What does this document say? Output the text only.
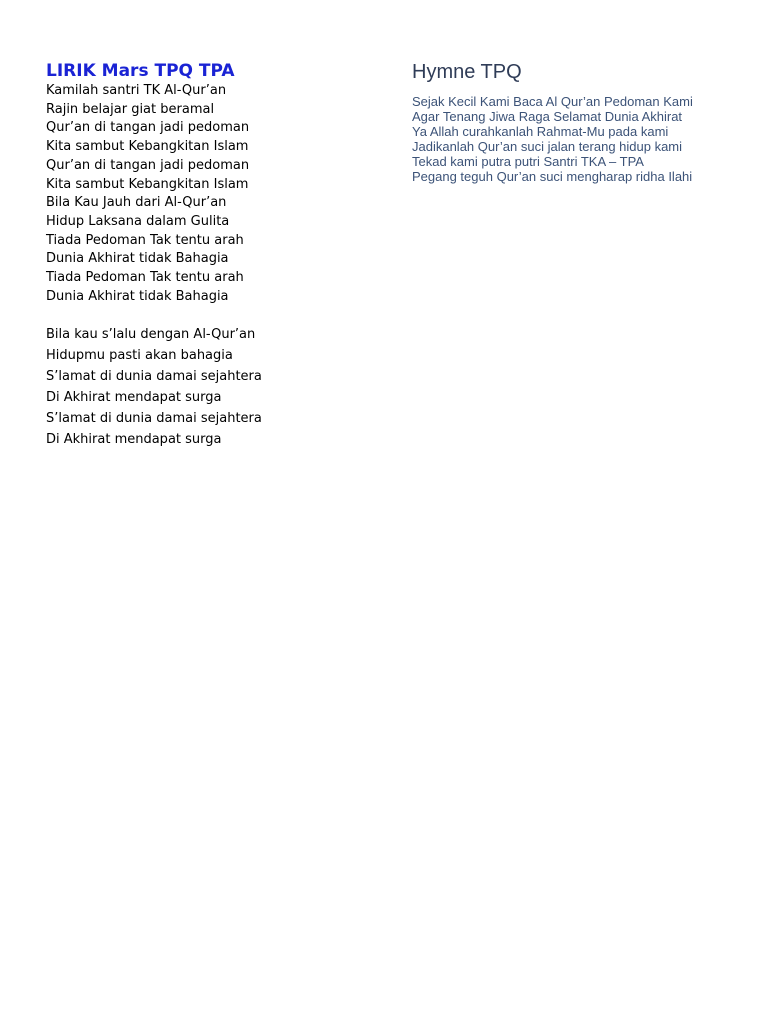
LIRIK Mars TPQ TPA
Kamilah santri TK Al-Qur’an
Rajin belajar giat beramal
Qur’an di tangan jadi pedoman
Kita sambut Kebangkitan Islam
Qur’an di tangan jadi pedoman
Kita sambut Kebangkitan Islam
Bila Kau Jauh dari Al-Qur’an
Hidup Laksana dalam Gulita
Tiada Pedoman Tak tentu arah
Dunia Akhirat tidak Bahagia
Tiada Pedoman Tak tentu arah
Dunia Akhirat tidak Bahagia
Bila kau s’lalu dengan Al-Qur’an
Hidupmu pasti akan bahagia
S’lamat di dunia damai sejahtera
Di Akhirat mendapat surga
S’lamat di dunia damai sejahtera
Di Akhirat mendapat surga
Hymne TPQ
Sejak Kecil Kami Baca Al Qur’an Pedoman Kami
Agar Tenang Jiwa Raga Selamat Dunia Akhirat
Ya Allah curahkanlah Rahmat-Mu pada kami
Jadikanlah Qur’an suci jalan terang hidup kami
Tekad kami putra putri Santri TKA – TPA
Pegang teguh Qur’an suci mengharap ridha Ilahi
